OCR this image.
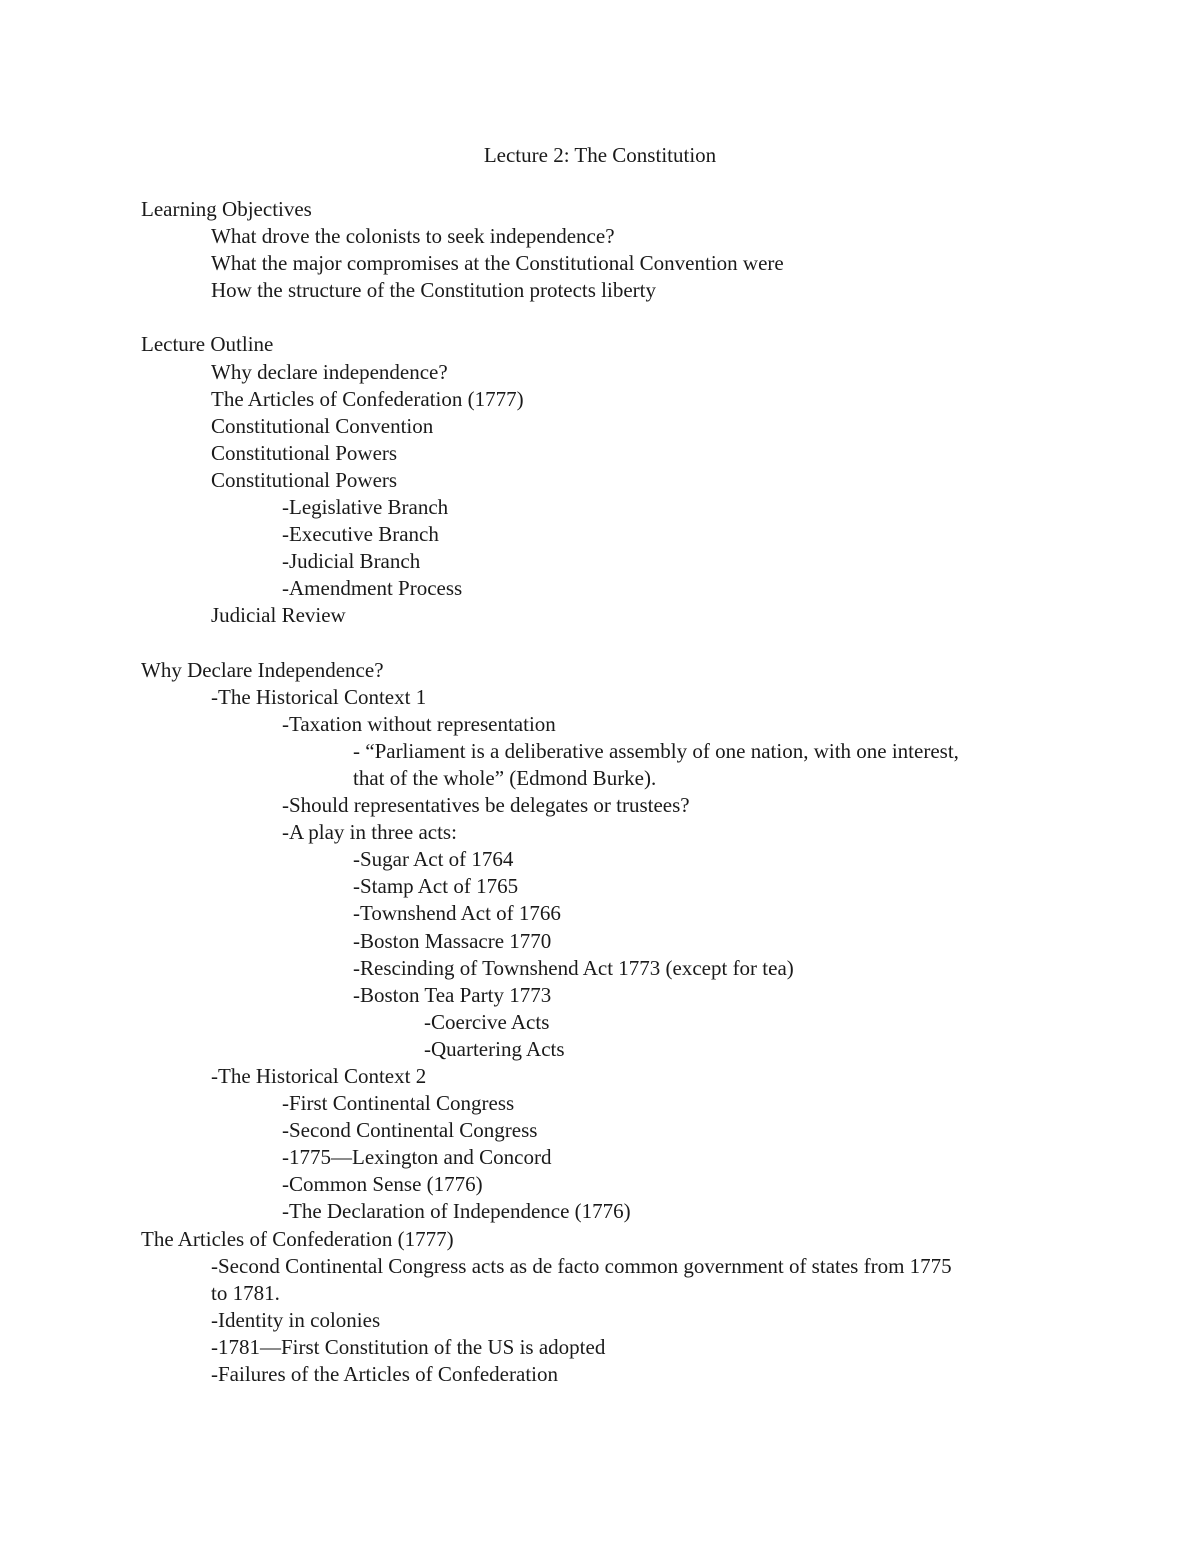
Lecture 2: The Constitution
Learning Objectives
What drove the colonists to seek independence?
What the major compromises at the Constitutional Convention were
How the structure of the Constitution protects liberty
Lecture Outline
Why declare independence?
The Articles of Confederation (1777)
Constitutional Convention
Constitutional Powers
Constitutional Powers
-Legislative Branch
-Executive Branch
-Judicial Branch
-Amendment Process
Judicial Review
Why Declare Independence?
-The Historical Context 1
-Taxation without representation
- “Parliament is a deliberative assembly of one nation, with one interest,
that of the whole” (Edmond Burke).
-Should representatives be delegates or trustees?
-A play in three acts:
-Sugar Act of 1764
-Stamp Act of 1765
-Townshend Act of 1766
-Boston Massacre 1770
-Rescinding of Townshend Act 1773 (except for tea)
-Boston Tea Party 1773
-Coercive Acts
-Quartering Acts
-The Historical Context 2
-First Continental Congress
-Second Continental Congress
-1775—Lexington and Concord
-Common Sense (1776)
-The Declaration of Independence (1776)
The Articles of Confederation (1777)
-Second Continental Congress acts as de facto common government of states from 1775
to 1781.
-Identity in colonies
-1781—First Constitution of the US is adopted
-Failures of the Articles of Confederation
